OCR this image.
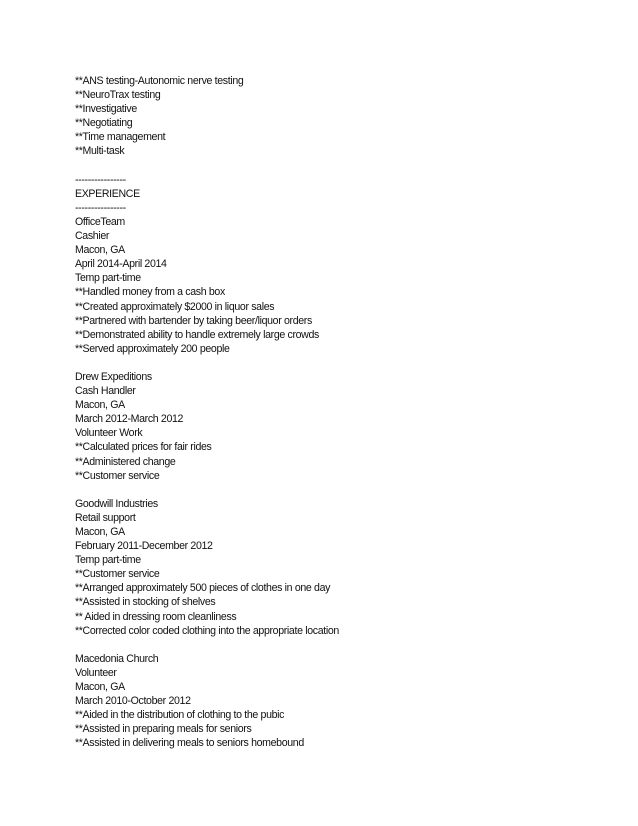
**ANS testing-Autonomic nerve testing
**NeuroTrax testing
**Investigative
**Negotiating
**Time management
**Multi-task
----------------
EXPERIENCE
----------------
OfficeTeam
Cashier
Macon, GA
April 2014-April 2014
Temp part-time
**Handled money from a cash box
**Created approximately $2000 in liquor sales
**Partnered with bartender by taking beer/liquor orders
**Demonstrated ability to handle extremely large crowds
**Served approximately 200 people
Drew Expeditions
Cash Handler
Macon, GA
March 2012-March 2012
Volunteer Work
**Calculated prices for fair rides
**Administered change
**Customer service
Goodwill Industries
Retail support
Macon, GA
February 2011-December 2012
Temp part-time
**Customer service
**Arranged approximately 500 pieces of clothes in one day
**Assisted in stocking of shelves
** Aided in dressing room cleanliness
**Corrected color coded clothing into the appropriate location
Macedonia Church
Volunteer
Macon, GA
March 2010-October 2012
**Aided in the distribution of clothing to the pubic
**Assisted in preparing meals for seniors
**Assisted in delivering meals to seniors homebound
